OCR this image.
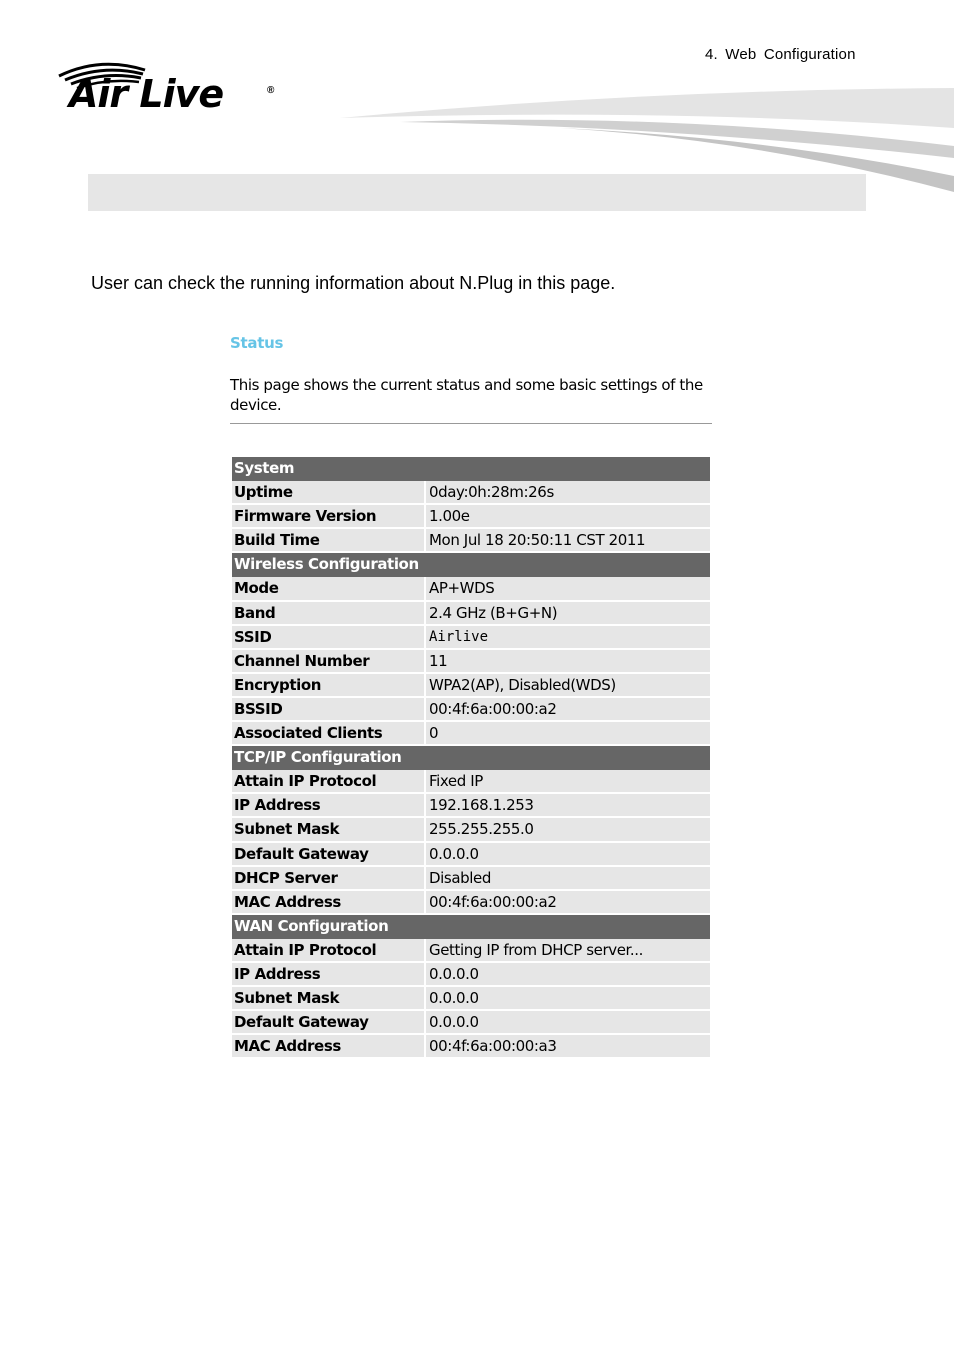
4. Web Configuration
Air Live	®
User can check the running information about N.Plug in this page.
Status
This page shows the current status and some basic settings of the device.
System
Uptime	0day:0h:28m:26s
Firmware Version	1.00e
Build Time	Mon Jul 18 20:50:11 CST 2011
Wireless Configuration
Mode	AP+WDS
Band	2.4 GHz (B+G+N)
SSID	Airlive
Channel Number	11
Encryption	WPA2(AP), Disabled(WDS)
BSSID	00:4f:6a:00:00:a2
Associated Clients	0
TCP/IP Configuration
Attain IP Protocol	Fixed IP
IP Address	192.168.1.253
Subnet Mask	255.255.255.0
Default Gateway	0.0.0.0
DHCP Server	Disabled
MAC Address	00:4f:6a:00:00:a2
WAN Configuration
Attain IP Protocol	Getting IP from DHCP server...
IP Address	0.0.0.0
Subnet Mask	0.0.0.0
Default Gateway	0.0.0.0
MAC Address	00:4f:6a:00:00:a3
